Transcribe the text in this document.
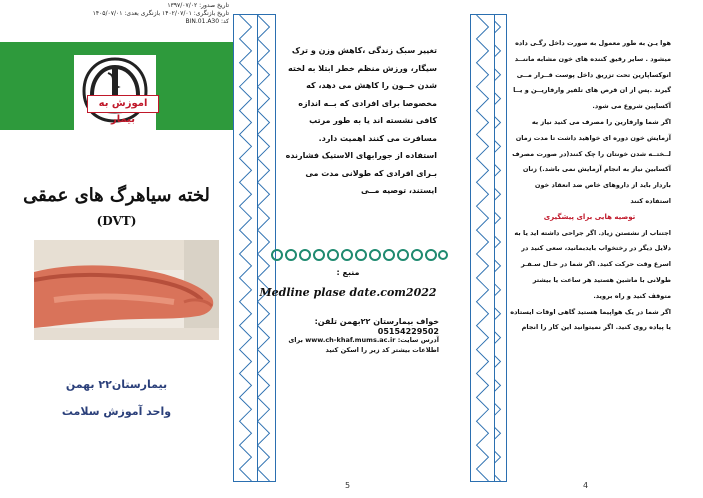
تاریخ صدور: ۱۳۹۷/۰۷/۰۲
تاریخ بازنگری: ۱۴۰۲/۰۷/۰۱ بازنگری بعدی: ۱۴۰۵/۰۷/۰۱
کد: BIN.01.A30
اموزش به بیمار
لخته سیاهرگ های عمقی
(DVT)
بیمارستان۲۲ بهمن
واحد آموزش سلامت

تغییر سبک زندگی ،کاهش وزن و ترک سیگار، ورزش منظم خطر ابتلا به لخته شدن خــون را کاهش می دهد، که مخصوصا برای افرادی که بــه اندازه کافی نشسته اند یا به طور مرتب مسافرت می کنند اهمیت دارد.

استفاده از جورابهای الاستیک فشارنده بـرای افرادی که طولانی مدت می ایستند، توصیه مــی

منبع :
Medline plase date.com2022
خواف بیمارستان ۲۲بهمن تلفن: 05154229502
آدرس سایت: www.ch-khaf.mums.ac.ir برای
اطلاعات بیشتر کد زیر را اسکن کنید
5

هوا یـن به طور معمول به صورت داخل رگـی داده میشود . سایر رقیق کننده های خون مشابه ماننــد انوکساپارین تحت تزریق داخل پوست قــرار مــی گیرند .پس از ان قرص های تلفیر وارفاریــن و یــا آکساپین شروع می شود.

اگر شما وارفارین را مصرف می کنید نیاز به آزمایش خون دوره ای خواهید داشت تا مدت زمان لــختــه شدن خونتان را چک کنند(در صورت مصرف آکسابین نیاز به انجام آزمایش نمی باشد.) زنان باردار باید از داروهای خاص ضد انعقاد خون استفاده کنند

توصیه هایی برای پیشگیری

اجتناب از نشستن زیاد. اگر جراحی داشته اید یا به دلایل دیگر در رختخواب بایدبمانید، سعی کنید در اسرع وقت حرکت کنید. اگر شما در حـال سـفـر طولانی با ماشین هستید هر ساعت یا بیشتر متوقف کنید و راه بروید.

اگر شما در یک هواپیما هستید گاهی اوقات ایستاده یا پیاده روی کنید. اگر نمیتوانید این کار را انجام

4
